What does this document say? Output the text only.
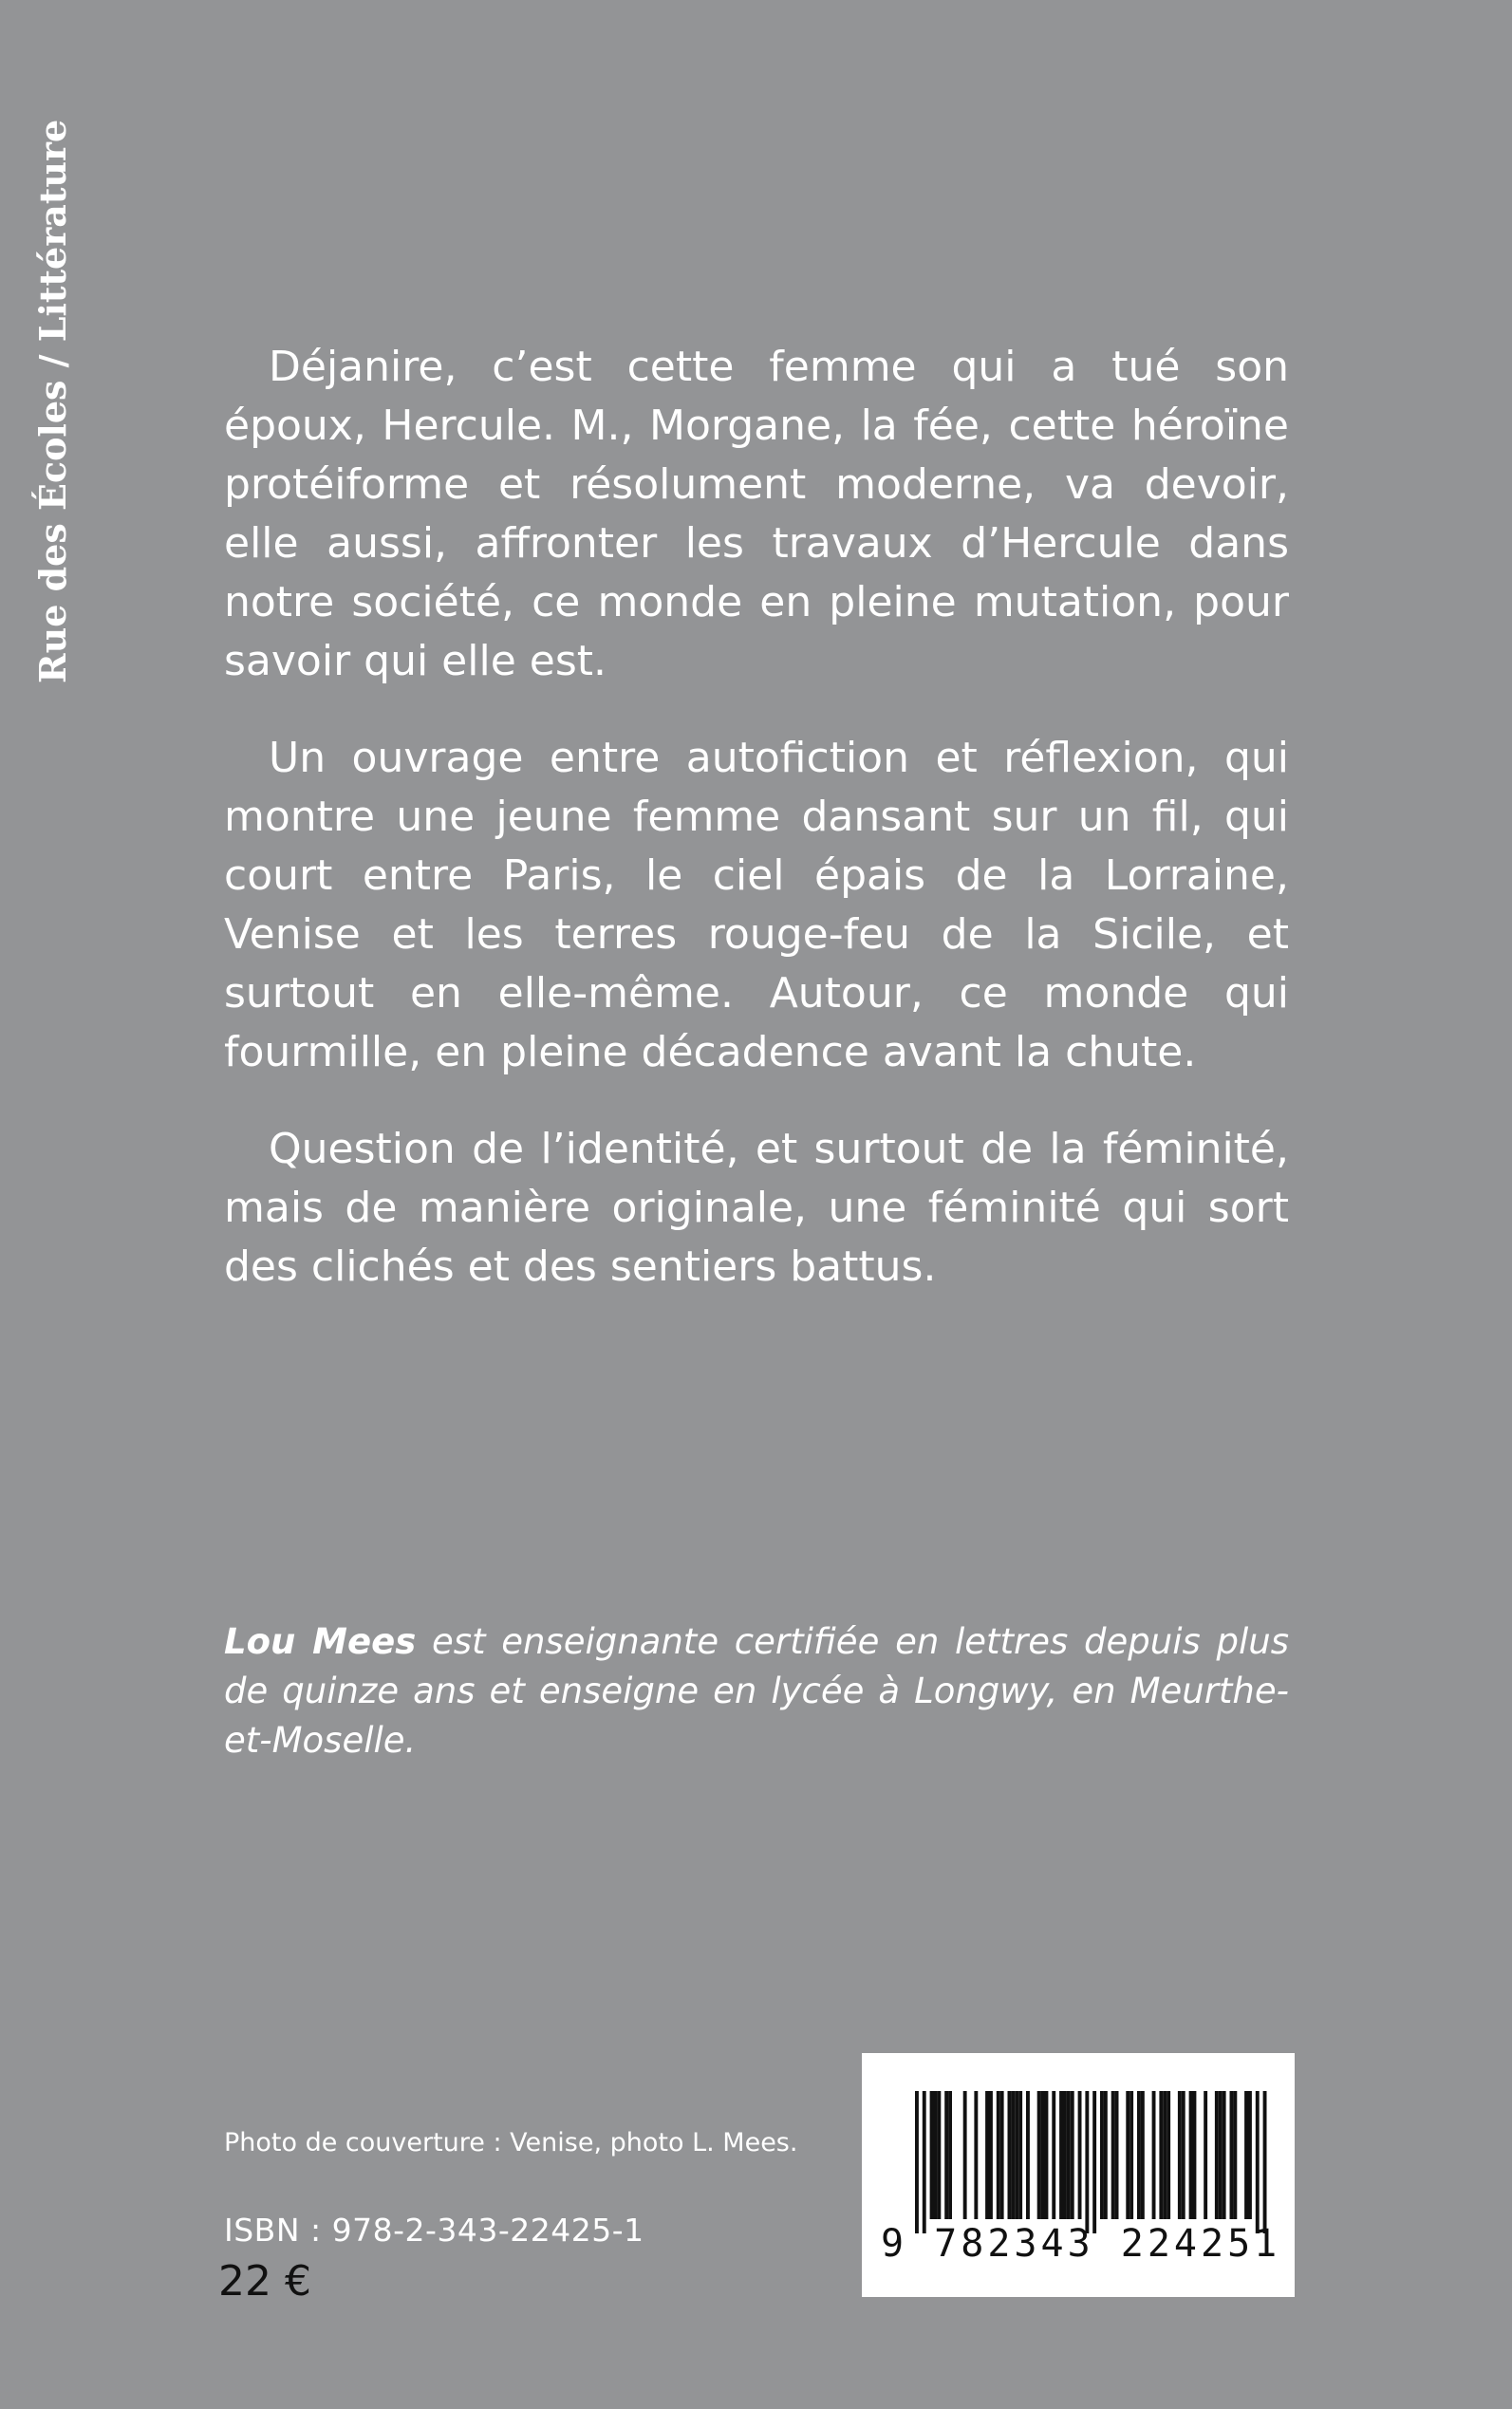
Rue des Écoles / Littérature	Déjanire, c’est cette femme qui a tué son époux, Hercule. M., Morgane, la fée, cette héroïne protéiforme et résolument moderne, va devoir, elle aussi, affronter les travaux d’Hercule dans notre société, ce monde en pleine mutation, pour savoir qui elle est.

Un ouvrage entre autofiction et réflexion, qui montre une jeune femme dansant sur un fil, qui court entre Paris, le ciel épais de la Lorraine, Venise et les terres rouge-feu de la Sicile, et surtout en elle-même. Autour, ce monde qui fourmille, en pleine décadence avant la chute.

Question de l’identité, et surtout de la féminité, mais de manière originale, une féminité qui sort des clichés et des sentiers battus.

Lou Mees est enseignante certifiée en lettres depuis plus de quinze ans et enseigne en lycée à Longwy, en Meurthe-et-Moselle.
Photo de couverture : Venise, photo L. Mees.
ISBN : 978-2-343-22425-1
22 €
9 782343 224251
